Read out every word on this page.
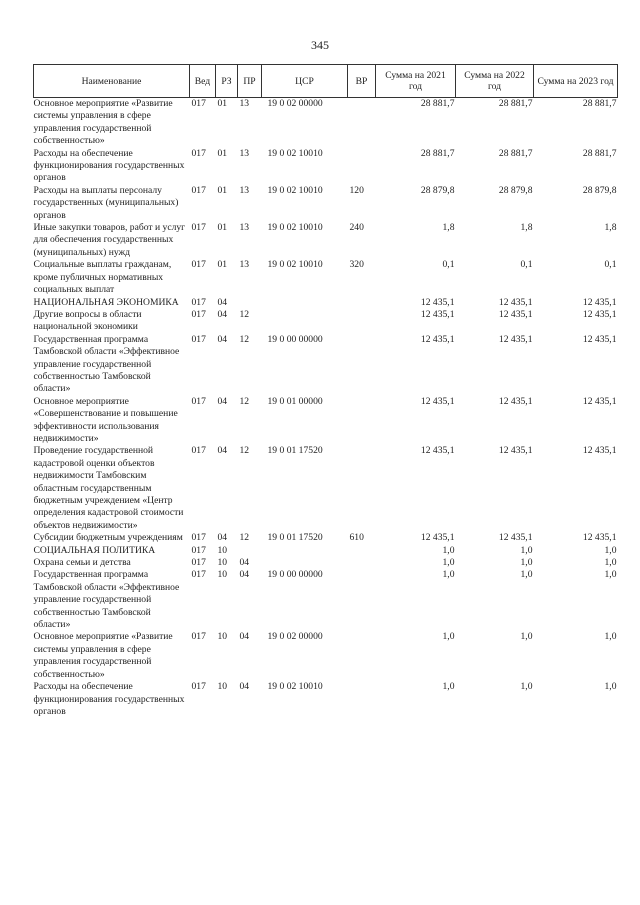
345
Наименование	Вед	РЗ	ПР	ЦСР	ВР	Сумма на 2021 год	Сумма на 2022 год	Сумма на 2023 год
Основное мероприятие «Развитие системы управления в сфере управления государственной собственностью»	017	01	13	19 0 02 00000		28 881,7	28 881,7	28 881,7
Расходы на обеспечение функционирования государственных органов	017	01	13	19 0 02 10010		28 881,7	28 881,7	28 881,7
Расходы на выплаты персоналу государственных (муниципальных) органов	017	01	13	19 0 02 10010	120	28 879,8	28 879,8	28 879,8
Иные закупки товаров, работ и услуг для обеспечения государственных (муниципальных) нужд	017	01	13	19 0 02 10010	240	1,8	1,8	1,8
Социальные выплаты гражданам, кроме публичных нормативных социальных выплат	017	01	13	19 0 02 10010	320	0,1	0,1	0,1
НАЦИОНАЛЬНАЯ ЭКОНОМИКА	017	04				12 435,1	12 435,1	12 435,1
Другие вопросы в области национальной экономики	017	04	12			12 435,1	12 435,1	12 435,1
Государственная программа Тамбовской области «Эффективное управление государственной собственностью Тамбовской области»	017	04	12	19 0 00 00000		12 435,1	12 435,1	12 435,1
Основное мероприятие «Совершенствование и повышение эффективности использования недвижимости»	017	04	12	19 0 01 00000		12 435,1	12 435,1	12 435,1
Проведение государственной кадастровой оценки объектов недвижимости Тамбовским областным государственным бюджетным учреждением «Центр определения кадастровой стоимости объектов недвижимости»	017	04	12	19 0 01 17520		12 435,1	12 435,1	12 435,1
Субсидии бюджетным учреждениям	017	04	12	19 0 01 17520	610	12 435,1	12 435,1	12 435,1
СОЦИАЛЬНАЯ ПОЛИТИКА	017	10				1,0	1,0	1,0
Охрана семьи и детства	017	10	04			1,0	1,0	1,0
Государственная программа Тамбовской области «Эффективное управление государственной собственностью Тамбовской области»	017	10	04	19 0 00 00000		1,0	1,0	1,0
Основное мероприятие «Развитие системы управления в сфере управления государственной собственностью»	017	10	04	19 0 02 00000		1,0	1,0	1,0
Расходы на обеспечение функционирования государственных органов	017	10	04	19 0 02 10010		1,0	1,0	1,0
